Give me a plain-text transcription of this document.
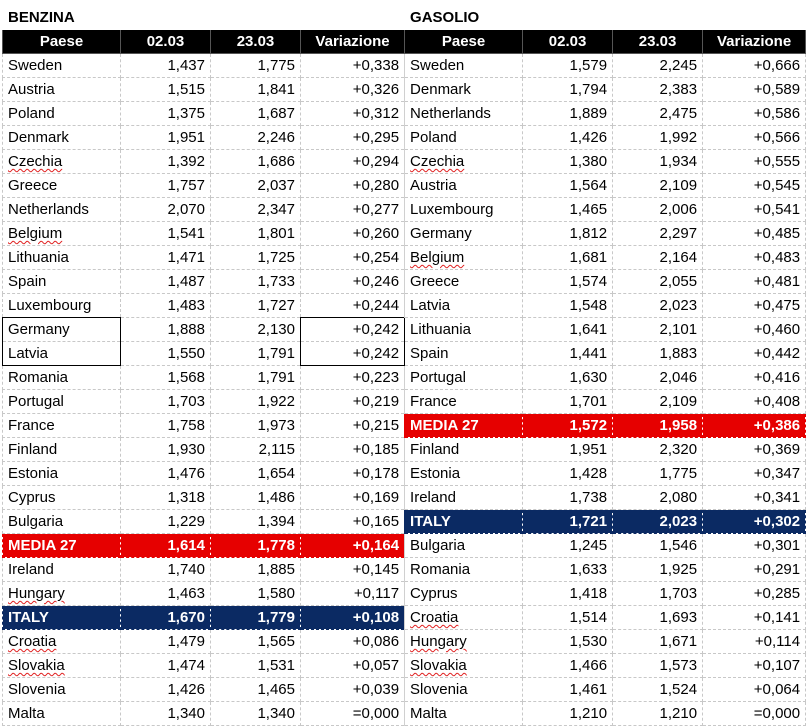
BENZINA				GASOLIO			
Paese	02.03	23.03	Variazione	Paese	02.03	23.03	Variazione
Sweden	1,437	1,775	+0,338	Sweden	1,579	2,245	+0,666
Austria	1,515	1,841	+0,326	Denmark	1,794	2,383	+0,589
Poland	1,375	1,687	+0,312	Netherlands	1,889	2,475	+0,586
Denmark	1,951	2,246	+0,295	Poland	1,426	1,992	+0,566
Czechia	1,392	1,686	+0,294	Czechia	1,380	1,934	+0,555
Greece	1,757	2,037	+0,280	Austria	1,564	2,109	+0,545
Netherlands	2,070	2,347	+0,277	Luxembourg	1,465	2,006	+0,541
Belgium	1,541	1,801	+0,260	Germany	1,812	2,297	+0,485
Lithuania	1,471	1,725	+0,254	Belgium	1,681	2,164	+0,483
Spain	1,487	1,733	+0,246	Greece	1,574	2,055	+0,481
Luxembourg	1,483	1,727	+0,244	Latvia	1,548	2,023	+0,475
Germany	1,888	2,130	+0,242	Lithuania	1,641	2,101	+0,460
Latvia	1,550	1,791	+0,242	Spain	1,441	1,883	+0,442
Romania	1,568	1,791	+0,223	Portugal	1,630	2,046	+0,416
Portugal	1,703	1,922	+0,219	France	1,701	2,109	+0,408
France	1,758	1,973	+0,215	MEDIA 27	1,572	1,958	+0,386
Finland	1,930	2,115	+0,185	Finland	1,951	2,320	+0,369
Estonia	1,476	1,654	+0,178	Estonia	1,428	1,775	+0,347
Cyprus	1,318	1,486	+0,169	Ireland	1,738	2,080	+0,341
Bulgaria	1,229	1,394	+0,165	ITALY	1,721	2,023	+0,302
MEDIA 27	1,614	1,778	+0,164	Bulgaria	1,245	1,546	+0,301
Ireland	1,740	1,885	+0,145	Romania	1,633	1,925	+0,291
Hungary	1,463	1,580	+0,117	Cyprus	1,418	1,703	+0,285
ITALY	1,670	1,779	+0,108	Croatia	1,514	1,693	+0,141
Croatia	1,479	1,565	+0,086	Hungary	1,530	1,671	+0,114
Slovakia	1,474	1,531	+0,057	Slovakia	1,466	1,573	+0,107
Slovenia	1,426	1,465	+0,039	Slovenia	1,461	1,524	+0,064
Malta	1,340	1,340	=0,000	Malta	1,210	1,210	=0,000
